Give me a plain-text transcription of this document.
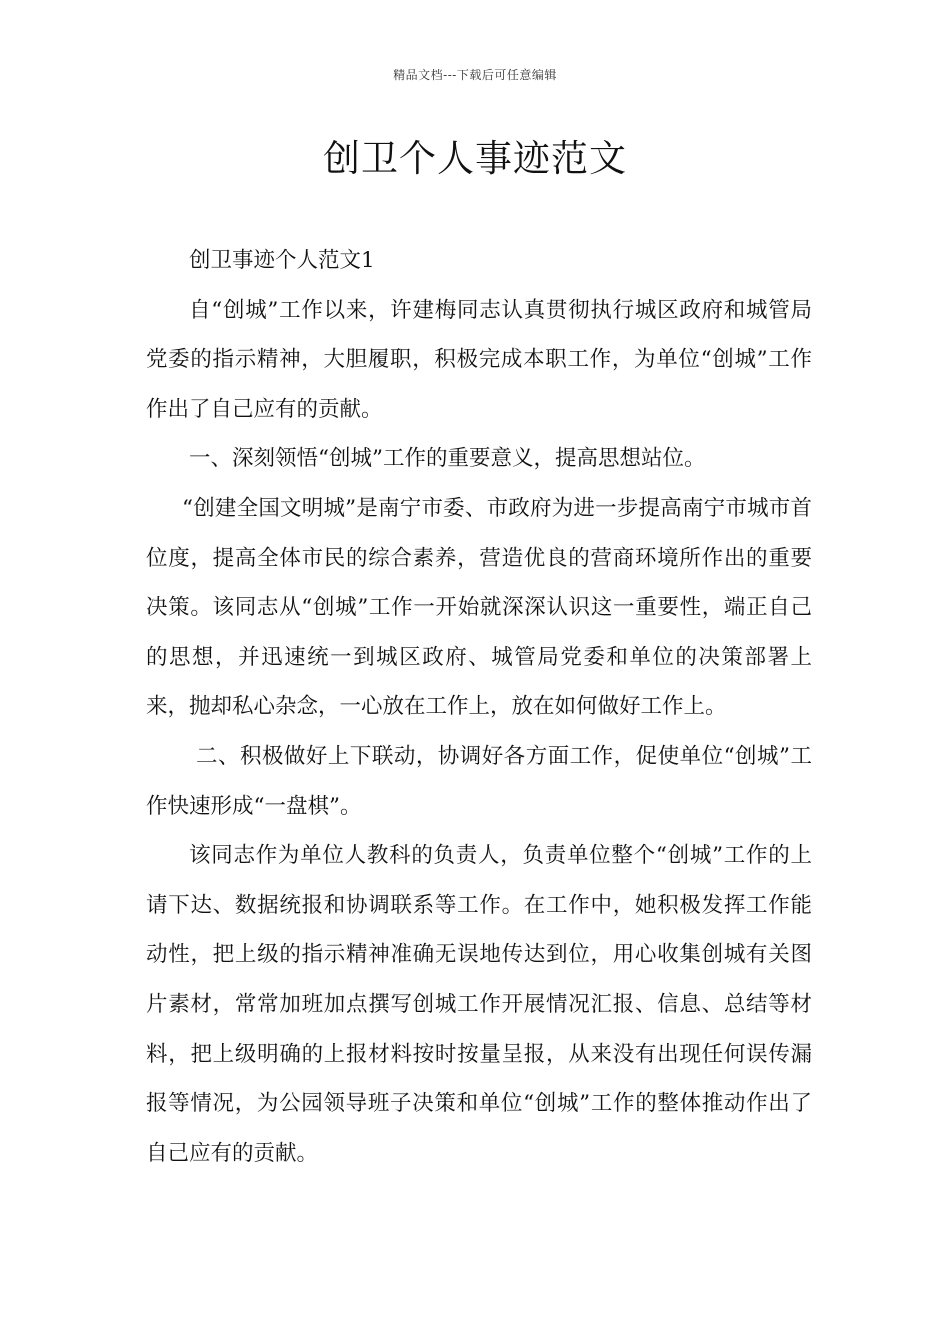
精品文档---下载后可任意编辑
创卫个人事迹范文

创卫事迹个人范文1

自“创城”工作以来，许建梅同志认真贯彻执行城区政府和城管局党委的指示精神，大胆履职，积极完成本职工作，为单位“创城”工作作出了自己应有的贡献。

一、深刻领悟“创城”工作的重要意义，提高思想站位。

“创建全国文明城”是南宁市委、市政府为进一步提高南宁市城市首位度，提高全体市民的综合素养，营造优良的营商环境所作出的重要决策。该同志从“创城”工作一开始就深深认识这一重要性，端正自己的思想，并迅速统一到城区政府、城管局党委和单位的决策部署上来，抛却私心杂念，一心放在工作上，放在如何做好工作上。

二、积极做好上下联动，协调好各方面工作，促使单位“创城”工作快速形成“一盘棋”。

该同志作为单位人教科的负责人，负责单位整个“创城”工作的上请下达、数据统报和协调联系等工作。在工作中，她积极发挥工作能动性，把上级的指示精神准确无误地传达到位，用心收集创城有关图片素材，常常加班加点撰写创城工作开展情况汇报、信息、总结等材料，把上级明确的上报材料按时按量呈报，从来没有出现任何误传漏报等情况，为公园领导班子决策和单位“创城”工作的整体推动作出了自己应有的贡献。
